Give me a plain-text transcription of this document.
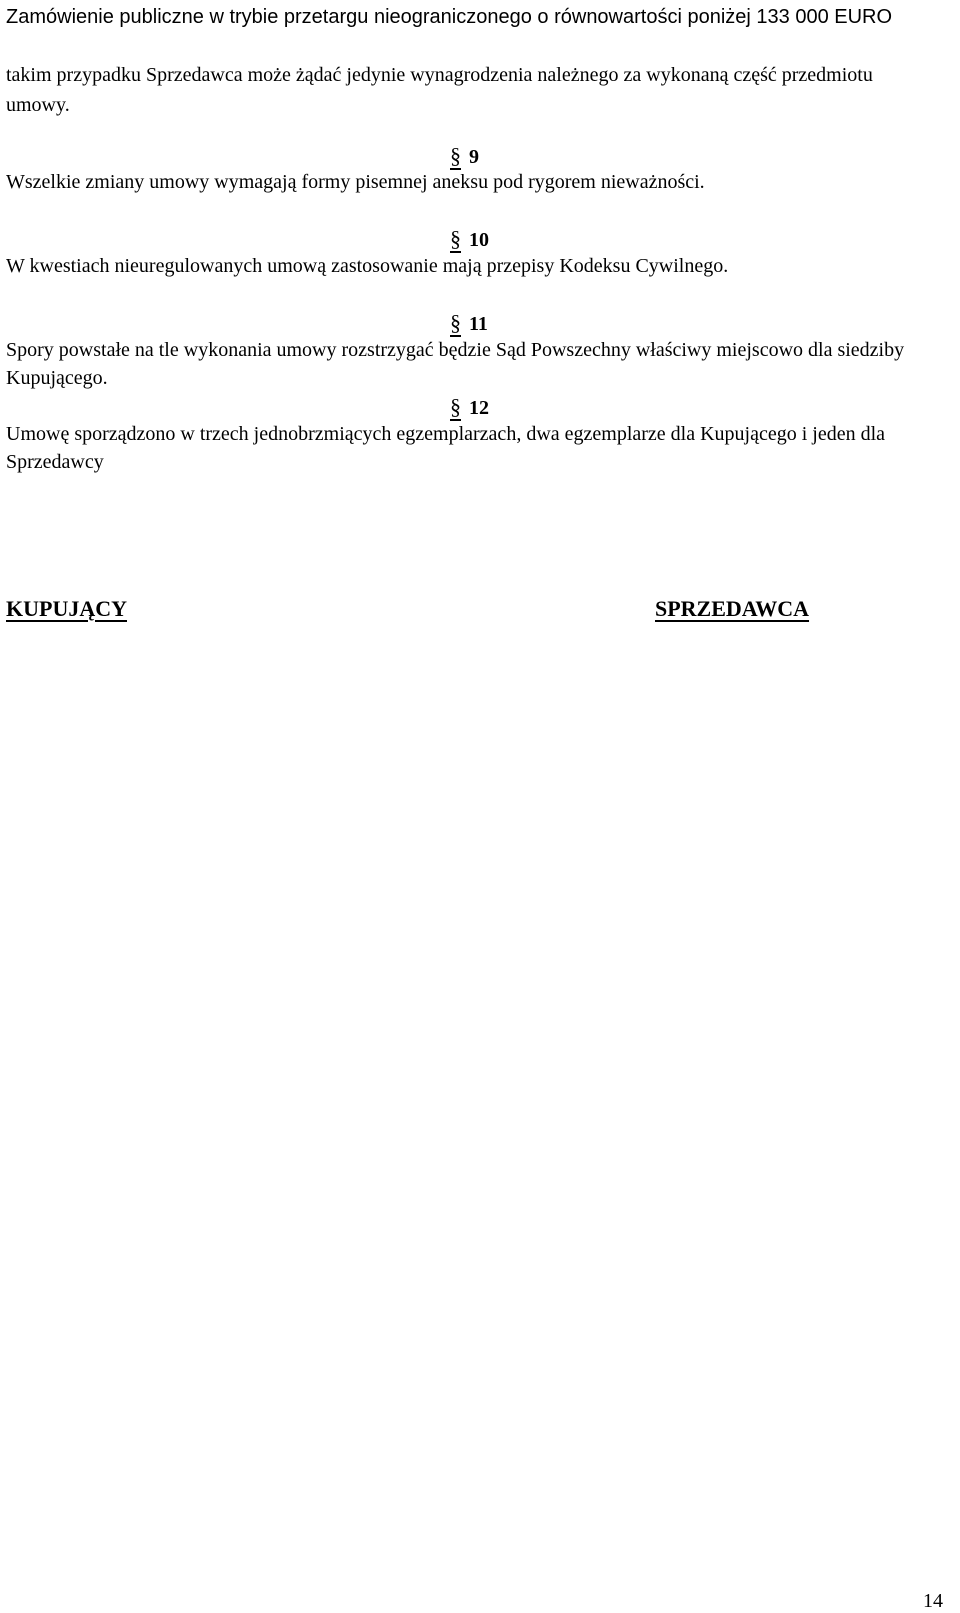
Zamówienie publiczne w trybie przetargu nieograniczonego o równowartości poniżej 133 000 EURO
takim przypadku Sprzedawca może żądać jedynie wynagrodzenia należnego za wykonaną część przedmiotu umowy.
§ 9
Wszelkie zmiany umowy wymagają formy pisemnej aneksu pod rygorem nieważności.
§ 10
W kwestiach nieuregulowanych umową zastosowanie mają przepisy Kodeksu Cywilnego.
§ 11
Spory powstałe na tle wykonania umowy rozstrzygać będzie Sąd Powszechny właściwy miejscowo dla siedziby Kupującego.
§ 12
Umowę sporządzono w trzech jednobrzmiących egzemplarzach, dwa egzemplarze dla Kupującego i jeden dla Sprzedawcy
KUPUJĄCY	SPRZEDAWCA
14
